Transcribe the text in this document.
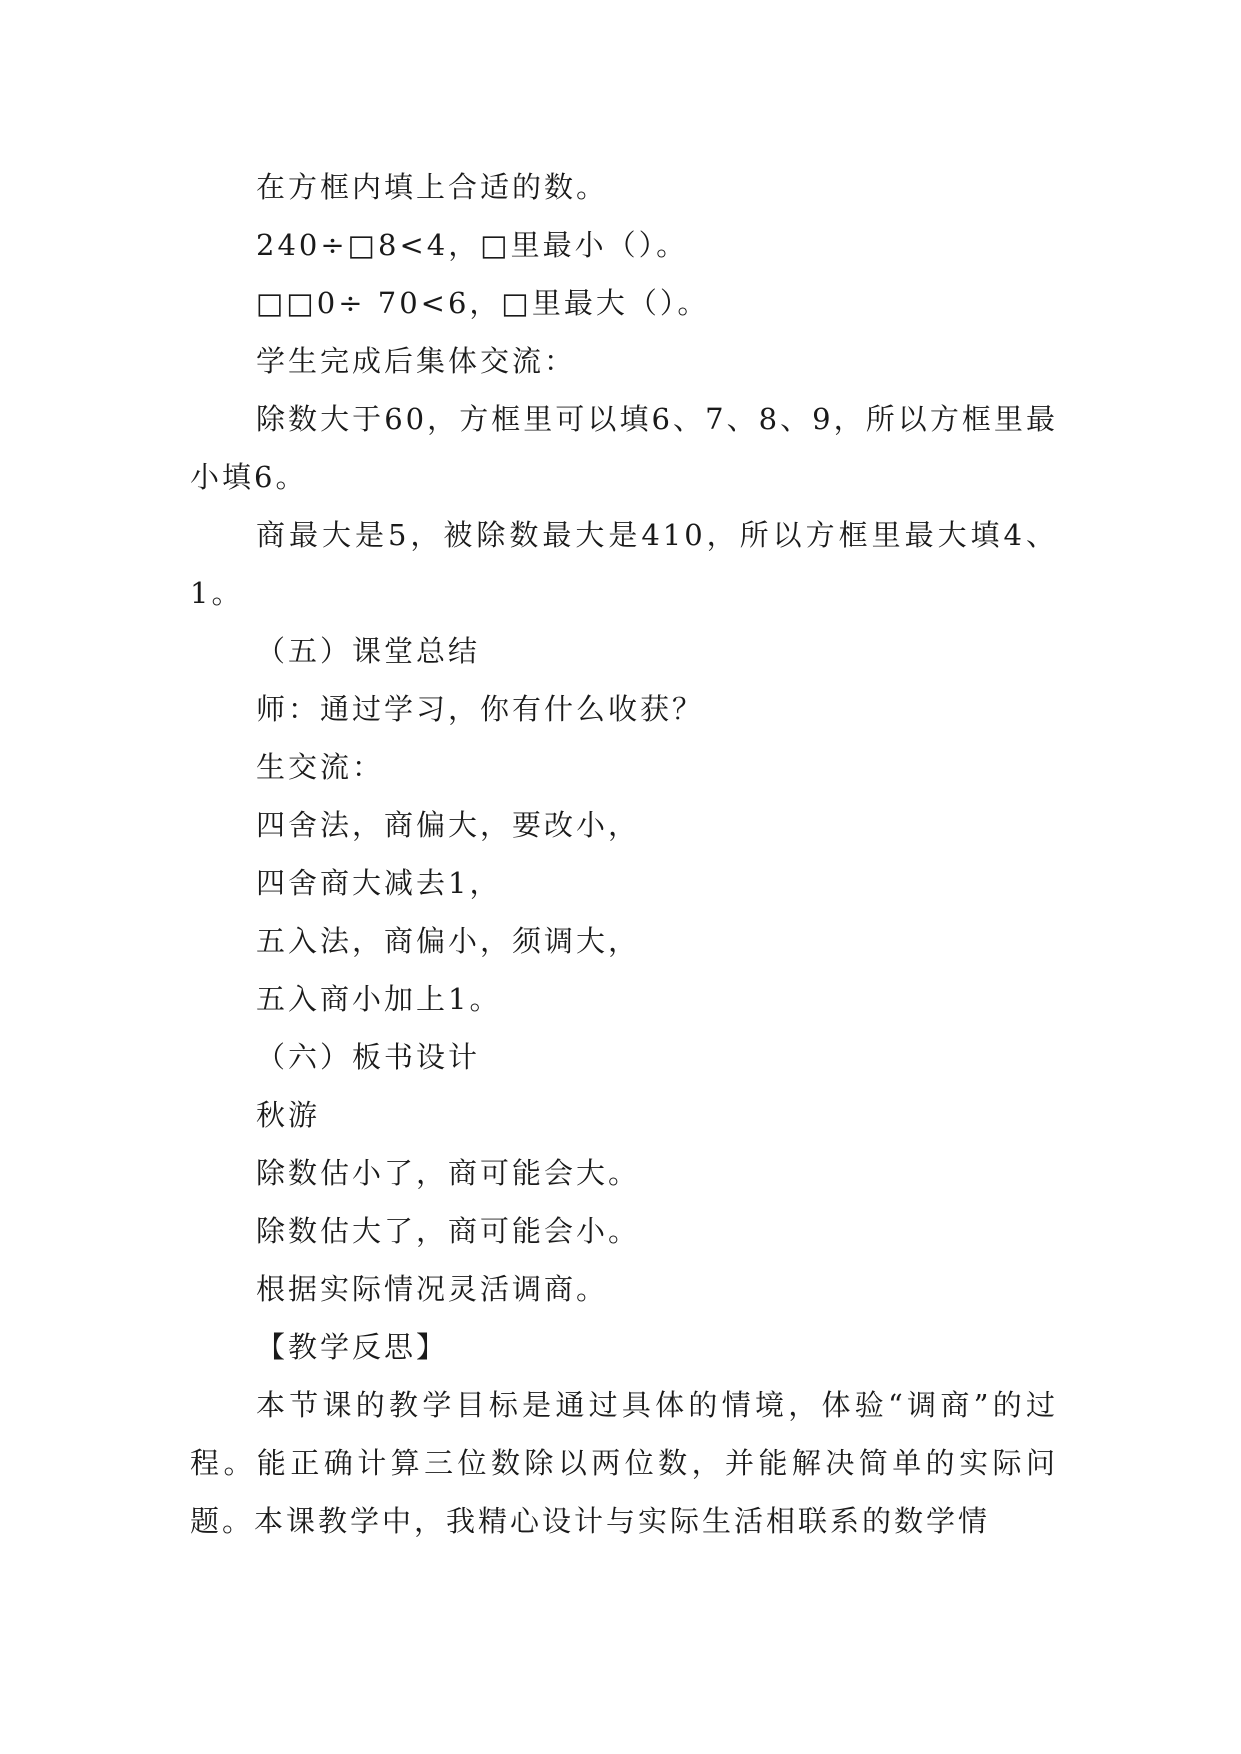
在方框内填上合适的数。

240÷□8<4，□里最小（）。

□□0÷ 70<6，□里最大（）。

学生完成后集体交流：

除数大于60，方框里可以填6、7、8、9，所以方框里最小填6。

商最大是5，被除数最大是410，所以方框里最大填4、1。

（五）课堂总结

师：通过学习，你有什么收获？

生交流：

四舍法，商偏大，要改小，

四舍商大减去1，

五入法，商偏小，须调大，

五入商小加上1。

（六）板书设计

秋游

除数估小了，商可能会大。

除数估大了，商可能会小。

根据实际情况灵活调商。

【教学反思】

本节课的教学目标是通过具体的情境，体验“调商”的过程。能正确计算三位数除以两位数，并能解决简单的实际问题。本课教学中，我精心设计与实际生活相联系的数学情
